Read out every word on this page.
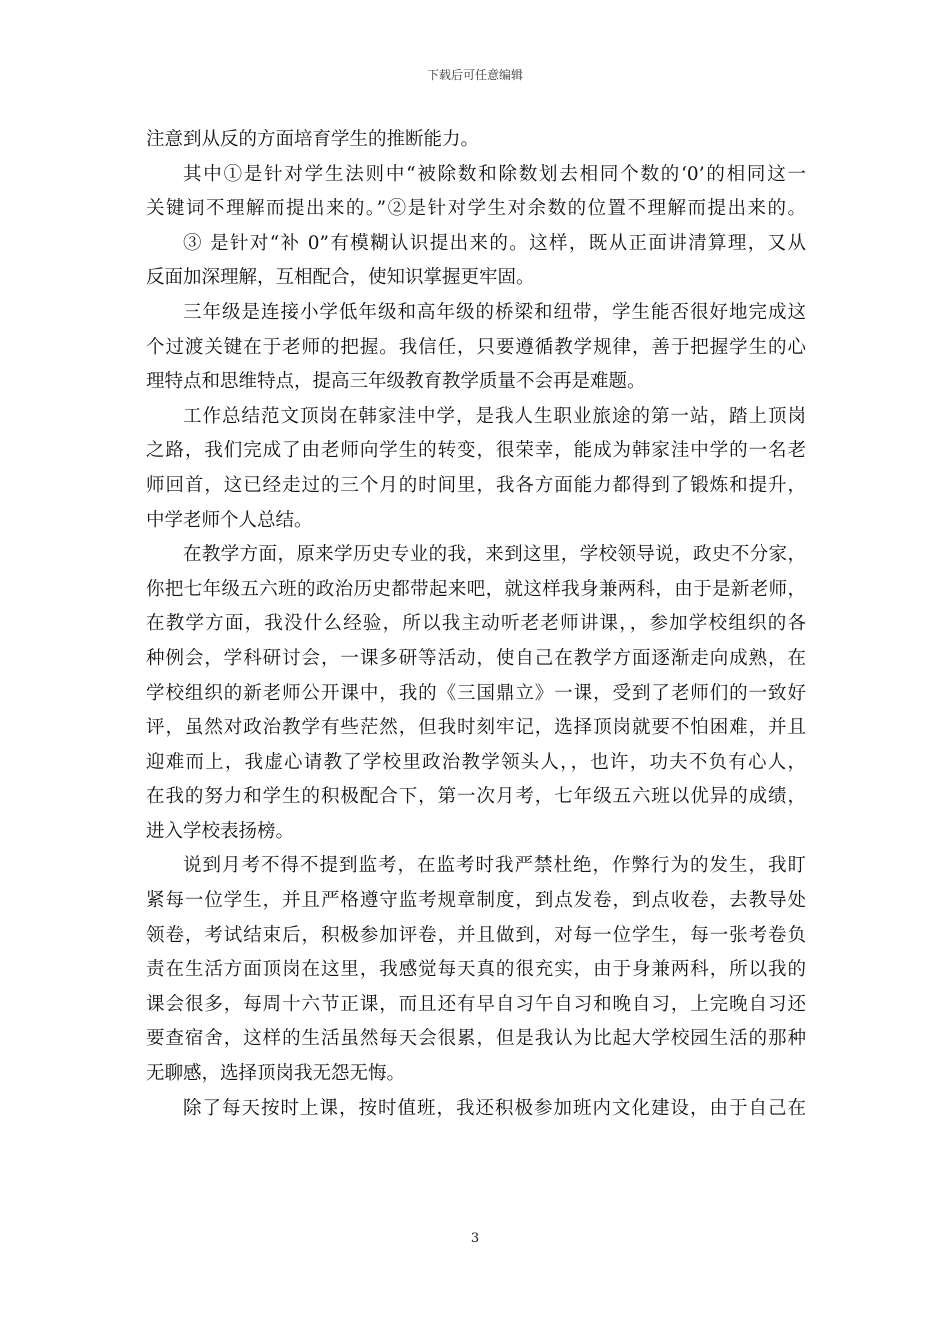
下载后可任意编辑
注意到从反的方面培育学生的推断能力。
其中①是针对学生法则中“被除数和除数划去相同个数的‘0’的相同这一
关键词不理解而提出来的。”②是针对学生对余数的位置不理解而提出来的。
③ 是针对“补 0”有模糊认识提出来的。这样，既从正面讲清算理，又从
反面加深理解，互相配合，使知识掌握更牢固。
三年级是连接小学低年级和高年级的桥梁和纽带，学生能否很好地完成这
个过渡关键在于老师的把握。我信任，只要遵循教学规律，善于把握学生的心
理特点和思维特点，提高三年级教育教学质量不会再是难题。
工作总结范文顶岗在韩家洼中学，是我人生职业旅途的第一站，踏上顶岗
之路，我们完成了由老师向学生的转变，很荣幸，能成为韩家洼中学的一名老
师回首，这已经走过的三个月的时间里，我各方面能力都得到了锻炼和提升，
中学老师个人总结。
在教学方面，原来学历史专业的我，来到这里，学校领导说，政史不分家，
你把七年级五六班的政治历史都带起来吧，就这样我身兼两科，由于是新老师，
在教学方面，我没什么经验，所以我主动听老老师讲课，，参加学校组织的各
种例会，学科研讨会，一课多研等活动，使自己在教学方面逐渐走向成熟，在
学校组织的新老师公开课中，我的《三国鼎立》一课，受到了老师们的一致好
评，虽然对政治教学有些茫然，但我时刻牢记，选择顶岗就要不怕困难，并且
迎难而上，我虚心请教了学校里政治教学领头人，，也许，功夫不负有心人，
在我的努力和学生的积极配合下，第一次月考，七年级五六班以优异的成绩，
进入学校表扬榜。
说到月考不得不提到监考，在监考时我严禁杜绝，作弊行为的发生，我盯
紧每一位学生，并且严格遵守监考规章制度，到点发卷，到点收卷，去教导处
领卷，考试结束后，积极参加评卷，并且做到，对每一位学生，每一张考卷负
责在生活方面顶岗在这里，我感觉每天真的很充实，由于身兼两科，所以我的
课会很多，每周十六节正课，而且还有早自习午自习和晚自习，上完晚自习还
要查宿舍，这样的生活虽然每天会很累，但是我认为比起大学校园生活的那种
无聊感，选择顶岗我无怨无悔。
除了每天按时上课，按时值班，我还积极参加班内文化建设，由于自己在
3
